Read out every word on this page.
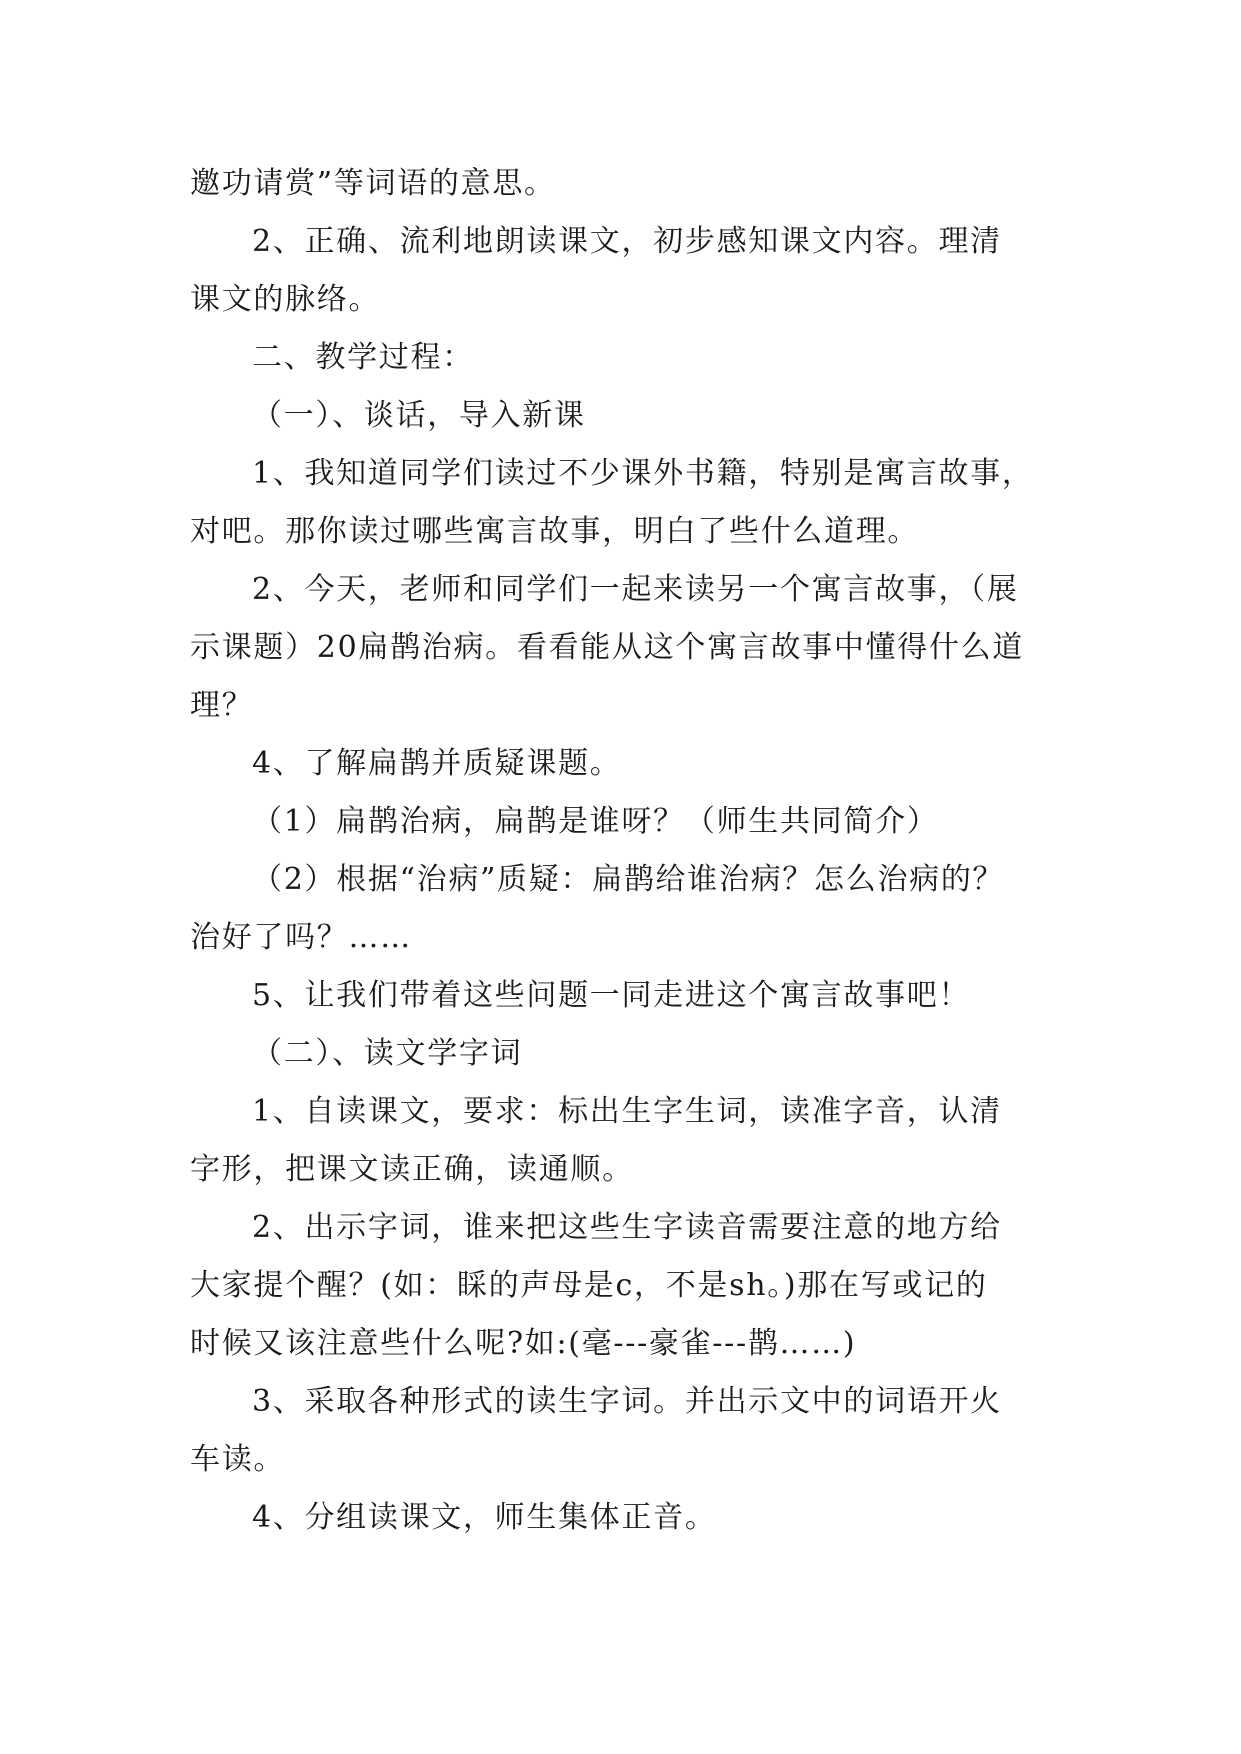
邀功请赏”等词语的意思。
2、正确、流利地朗读课文，初步感知课文内容。理清
课文的脉络。
二、教学过程：
（一）、谈话，导入新课
1、我知道同学们读过不少课外书籍，特别是寓言故事，
对吧。那你读过哪些寓言故事，明白了些什么道理。
2、今天，老师和同学们一起来读另一个寓言故事，（展
示课题）20扁鹊治病。看看能从这个寓言故事中懂得什么道
理？
4、了解扁鹊并质疑课题。
（1）扁鹊治病，扁鹊是谁呀？（师生共同简介）
（2）根据“治病”质疑：扁鹊给谁治病？怎么治病的？
治好了吗？……
5、让我们带着这些问题一同走进这个寓言故事吧！
（二）、读文学字词
1、自读课文，要求：标出生字生词，读准字音，认清
字形，把课文读正确，读通顺。
2、出示字词，谁来把这些生字读音需要注意的地方给
大家提个醒？(如：睬的声母是c，不是sh。)那在写或记的
时候又该注意些什么呢?如:(毫---豪雀---鹊……)
3、采取各种形式的读生字词。并出示文中的词语开火
车读。
4、分组读课文，师生集体正音。
